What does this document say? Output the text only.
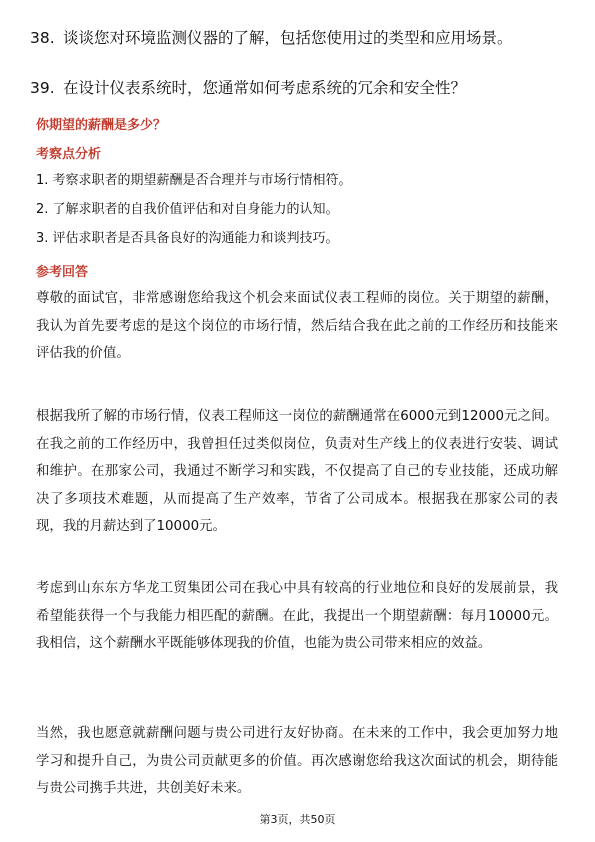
38. 谈谈您对环境监测仪器的了解，包括您使用过的类型和应用场景。
39. 在设计仪表系统时，您通常如何考虑系统的冗余和安全性？
你期望的薪酬是多少？
考察点分析
1. 考察求职者的期望薪酬是否合理并与市场行情相符。
2. 了解求职者的自我价值评估和对自身能力的认知。
3. 评估求职者是否具备良好的沟通能力和谈判技巧。
参考回答
尊敬的面试官，非常感谢您给我这个机会来面试仪表工程师的岗位。关于期望的薪酬，我认为首先要考虑的是这个岗位的市场行情，然后结合我在此之前的工作经历和技能来评估我的价值。
根据我所了解的市场行情，仪表工程师这一岗位的薪酬通常在6000元到12000元之间。在我之前的工作经历中，我曾担任过类似岗位，负责对生产线上的仪表进行安装、调试和维护。在那家公司，我通过不断学习和实践，不仅提高了自己的专业技能，还成功解决了多项技术难题，从而提高了生产效率，节省了公司成本。根据我在那家公司的表现，我的月薪达到了10000元。
考虑到山东东方华龙工贸集团公司在我心中具有较高的行业地位和良好的发展前景，我希望能获得一个与我能力相匹配的薪酬。在此，我提出一个期望薪酬：每月10000元。我相信，这个薪酬水平既能够体现我的价值，也能为贵公司带来相应的效益。
当然，我也愿意就薪酬问题与贵公司进行友好协商。在未来的工作中，我会更加努力地学习和提升自己，为贵公司贡献更多的价值。再次感谢您给我这次面试的机会，期待能与贵公司携手共进，共创美好未来。
第3页，共50页
